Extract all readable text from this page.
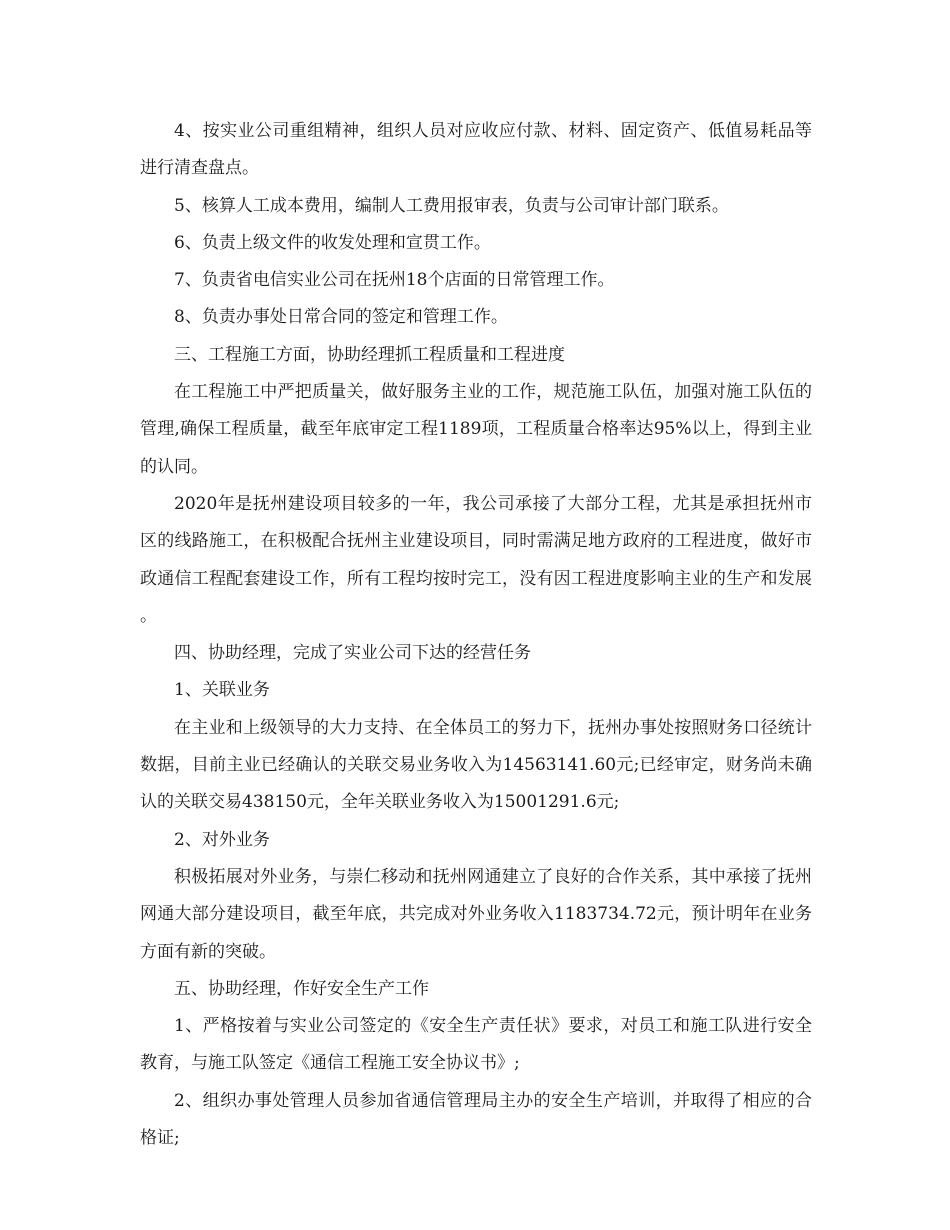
4、按实业公司重组精神，组织人员对应收应付款、材料、固定资产、低值易耗品等进行清查盘点。

5、核算人工成本费用，编制人工费用报审表，负责与公司审计部门联系。

6、负责上级文件的收发处理和宣贯工作。

7、负责省电信实业公司在抚州18个店面的日常管理工作。

8、负责办事处日常合同的签定和管理工作。

三、工程施工方面，协助经理抓工程质量和工程进度

在工程施工中严把质量关，做好服务主业的工作，规范施工队伍，加强对施工队伍的管理,确保工程质量，截至年底审定工程1189项，工程质量合格率达95%以上，得到主业的认同。

2020年是抚州建设项目较多的一年，我公司承接了大部分工程，尤其是承担抚州市区的线路施工，在积极配合抚州主业建设项目，同时需满足地方政府的工程进度，做好市政通信工程配套建设工作，所有工程均按时完工，没有因工程进度影响主业的生产和发展。

四、协助经理，完成了实业公司下达的经营任务

1、关联业务

在主业和上级领导的大力支持、在全体员工的努力下，抚州办事处按照财务口径统计数据，目前主业已经确认的关联交易业务收入为14563141.60元;已经审定，财务尚未确认的关联交易438150元，全年关联业务收入为15001291.6元;

2、对外业务

积极拓展对外业务，与崇仁移动和抚州网通建立了良好的合作关系，其中承接了抚州网通大部分建设项目，截至年底，共完成对外业务收入1183734.72元，预计明年在业务方面有新的突破。

五、协助经理，作好安全生产工作

1、严格按着与实业公司签定的《安全生产责任状》要求，对员工和施工队进行安全教育，与施工队签定《通信工程施工安全协议书》;

2、组织办事处管理人员参加省通信管理局主办的安全生产培训，并取得了相应的合格证;
